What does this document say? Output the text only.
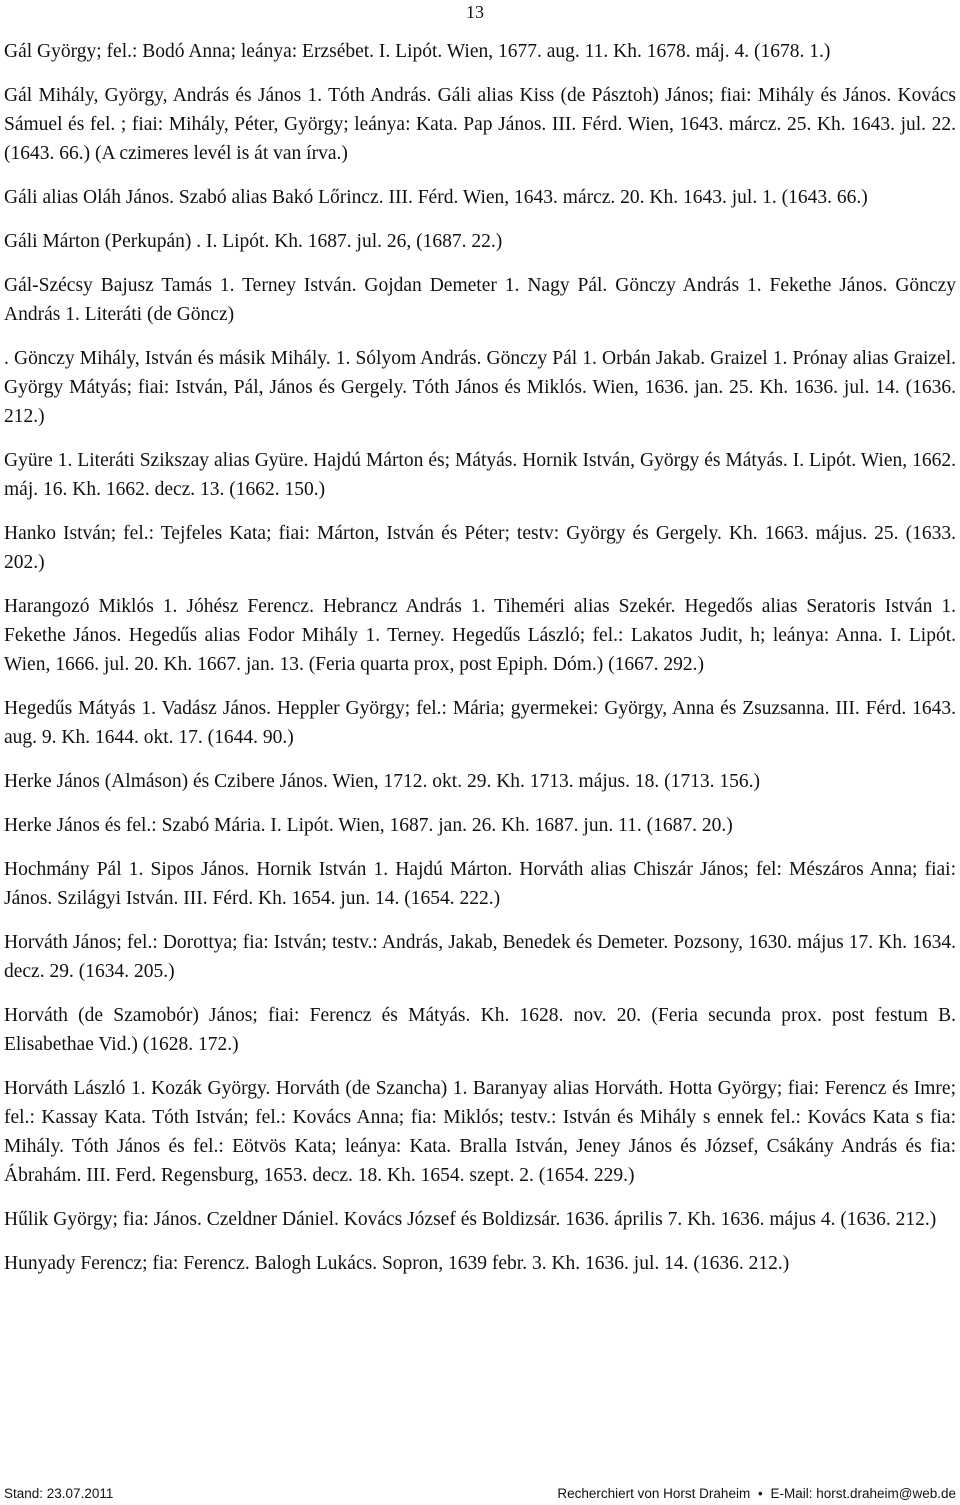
13

Gál György; fel.: Bodó Anna; leánya: Erzsébet. I. Lipót. Wien, 1677. aug. 11. Kh. 1678. máj. 4. (1678. 1.)

Gál Mihály, György, András és János 1. Tóth András. Gáli alias Kiss (de Pásztoh) János; fiai: Mihály és János. Kovács Sámuel és fel. ; fiai: Mihály, Péter, György; leánya: Kata. Pap János. III. Férd. Wien, 1643. márcz. 25. Kh. 1643. jul. 22. (1643. 66.) (A czimeres levél is át van írva.)

Gáli alias Oláh János. Szabó alias Bakó Lőrincz. III. Férd. Wien, 1643. márcz. 20. Kh. 1643. jul. 1. (1643. 66.)

Gáli Márton (Perkupán) . I. Lipót. Kh. 1687. jul. 26, (1687. 22.)

Gál-Szécsy Bajusz Tamás 1. Terney István. Gojdan Demeter 1. Nagy Pál. Gönczy András 1. Fekethe János. Gönczy András 1. Literáti (de Göncz)

. Gönczy Mihály, István és másik Mihály. 1. Sólyom András. Gönczy Pál 1. Orbán Jakab. Graizel 1. Prónay alias Graizel. György Mátyás; fiai: István, Pál, János és Gergely. Tóth János és Miklós. Wien, 1636. jan. 25. Kh. 1636. jul. 14. (1636. 212.)

Gyüre 1. Literáti Szikszay alias Gyüre. Hajdú Márton és; Mátyás. Hornik István, György és Mátyás. I. Lipót. Wien, 1662. máj. 16. Kh. 1662. decz. 13. (1662. 150.)

Hanko István; fel.: Tejfeles Kata; fiai: Márton, István és Péter; testv: György és Gergely. Kh. 1663. május. 25. (1633. 202.)

Harangozó Miklós 1. Jóhész Ferencz. Hebrancz András 1. Tiheméri alias Szekér. Hegedős alias Seratoris István 1. Fekethe János. Hegedűs alias Fodor Mihály 1. Terney. Hegedűs László; fel.: Lakatos Judit, h; leánya: Anna. I. Lipót. Wien, 1666. jul. 20. Kh. 1667. jan. 13. (Feria quarta prox, post Epiph. Dóm.) (1667. 292.)

Hegedűs Mátyás 1. Vadász János. Heppler György; fel.: Mária; gyermekei: György, Anna és Zsuzsanna. III. Férd. 1643. aug. 9. Kh. 1644. okt. 17. (1644. 90.)

Herke János (Almáson) és Czibere János. Wien, 1712. okt. 29. Kh. 1713. május. 18. (1713. 156.)

Herke János és fel.: Szabó Mária. I. Lipót. Wien, 1687. jan. 26. Kh. 1687. jun. 11. (1687. 20.)

Hochmány Pál 1. Sipos János. Hornik István 1. Hajdú Márton. Horváth alias Chiszár János; fel: Mészáros Anna; fiai: János. Szilágyi István. III. Férd. Kh. 1654. jun. 14. (1654. 222.)

Horváth János; fel.: Dorottya; fia: István; testv.: András, Jakab, Benedek és Demeter. Pozsony, 1630. május 17. Kh. 1634. decz. 29. (1634. 205.)

Horváth (de Szamobór) János; fiai: Ferencz és Mátyás. Kh. 1628. nov. 20. (Feria secunda prox. post festum B. Elisabethae Vid.) (1628. 172.)

Horváth László 1. Kozák György. Horváth (de Szancha) 1. Baranyay alias Horváth. Hotta György; fiai: Ferencz és Imre; fel.: Kassay Kata. Tóth István; fel.: Kovács Anna; fia: Miklós; testv.: István és Mihály s ennek fel.: Kovács Kata s fia: Mihály. Tóth János és fel.: Eötvös Kata; leánya: Kata. Bralla István, Jeney János és József, Csákány András és fia: Ábrahám. III. Ferd. Regensburg, 1653. decz. 18. Kh. 1654. szept. 2. (1654. 229.)

Hűlik György; fia: János. Czeldner Dániel. Kovács József és Boldizsár. 1636. április 7. Kh. 1636. május 4. (1636. 212.)

Hunyady Ferencz; fia: Ferencz. Balogh Lukács. Sopron, 1639 febr. 3. Kh. 1636. jul. 14. (1636. 212.)

Stand: 23.07.2011	Recherchiert von Horst Draheim • E-Mail: horst.draheim@web.de
